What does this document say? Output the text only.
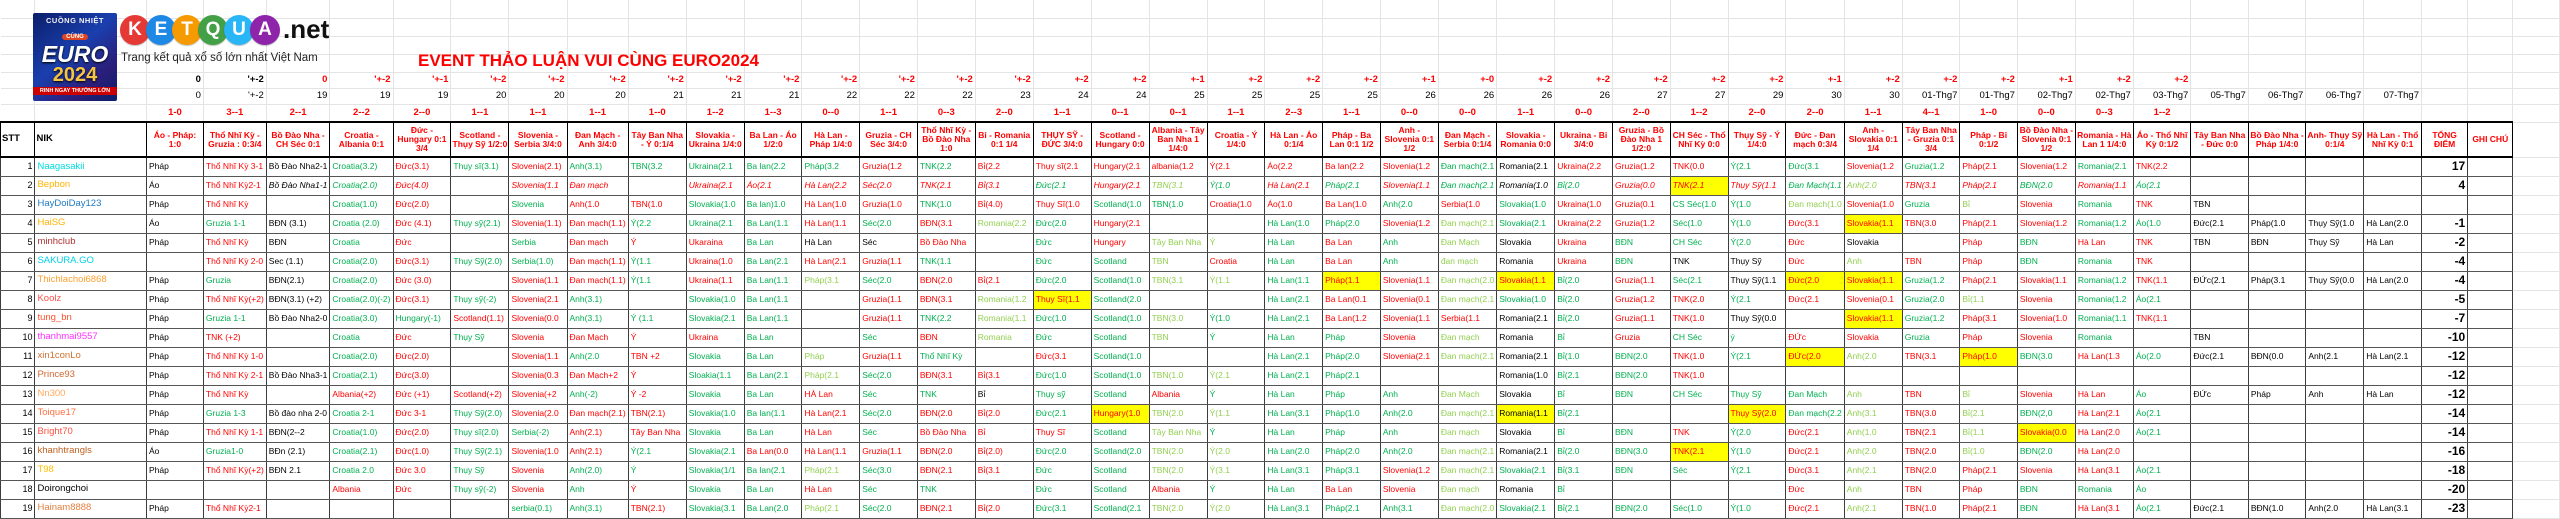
		0	'+-2	0	'+-2	'+-1	'+-2	'+-2	'+-2	'+-2	'+-2	'+-2	'+-2	'+-2	'+-2	'+-2	+-2	+-2	+-1	+-2	+-2	+-2	+-1	+-0	+-2	+-2	+-2	+-2	+-2	+-1	+-2	+-2	+-2	+-1	+-2	+-2							
		0	'+-2	19	19	19	20	20	20	21	21	21	22	22	22	23	24	24	25	25	25	25	26	26	26	26	27	27	29	30	30	01-Thg7	01-Thg7	02-Thg7	02-Thg7	03-Thg7	05-Thg7	06-Thg7	06-Thg7	07-Thg7			
		1-0	3--1	2--1	2--2	2--0	1--1	1--1	1--1	1--0	1--2	1--3	0--0	1--1	0--3	2--0	1--1	0--1	0--1	1--1	2--3	1--1	0--0	0--0	1--1	0--0	2--0	1--2	2--0	2--0	1--1	4--1	1--0	0--0	0--3	1--2							
STT	NIK	Áo - Pháp: 1:0	Thổ Nhĩ Kỳ - Gruzia : 0:3/4	Bồ Đào Nha - CH Séc 0:1	Croatia - Albania 0:1	Đức - Hungary 0:1 3/4	Scotland - Thụy Sỹ 1/2:0	Slovenia - Serbia 3/4:0	Đan Mạch - Anh 3/4:0	Tây Ban Nha - Ý 0:1/4	Slovakia - Ukraina 1/4:0	Ba Lan - Áo 1/2:0	Hà Lan - Pháp 1/4:0	Gruzia - CH Séc 3/4:0	Thổ Nhĩ Kỳ - Bồ Đào Nha 1:0	Bỉ - Romania 0:1 1/4	THỤY SỸ - ĐỨC 3/4:0	Scotland - Hungary 0:0	Albania - Tây Ban Nha 1 1/4:0	Croatia - Ý 1/4:0	Hà Lan - Áo 0:1/4	Pháp - Ba Lan 0:1 1/2	Anh - Slovenia 0:1 1/2	Đan Mạch - Serbia 0:1/4	Slovakia - Romania 0:0	Ukraina - Bỉ 3/4:0	Gruzia - Bồ Đào Nha 1 1/2:0	CH Séc - Thổ Nhĩ Kỳ 0:0	Thụy Sỹ - Ý 1/4:0	Đức - Đan mạch 0:3/4	Anh - Slovakia 0:1 1/4	Tây Ban Nha - Gruzia 0:1 3/4	Pháp - Bỉ 0:1/2	Bồ Đào Nha - Slovenia 0:1 1/2	Romania - Hà Lan 1 1/4:0	Áo - Thổ Nhĩ Kỳ 0:1/2	Tây Ban Nha - Đức 0:0	Bồ Đào Nha - Pháp 1/4:0	Anh- Thụy Sỹ 0:1/4	Hà Lan - Thổ Nhĩ Kỳ 0:1	TỔNG ĐIỂM	GHI CHÚ	
1	Naagasakii	Pháp	Thổ Nhĩ Kỳ 3-1	Bồ Đào Nha2-1	Croatia(3.2)	Đức(3.1)	Thụy sĩ(3.1)	Slovenia(2.1)	Anh(3.1)	TBN(3.2	Ukraina(2.1	Ba lan(2.2	Pháp(3.2	Gruzia(1.2	TNK(2.2	Bỉ(2.2	Thụy sĩ(2.1	Hungary(2.1	albania(1.2	Ý(2.1	Áo(2.2	Ba lan(2.2	Slovenia(1.2	Đan mạch(2.1	Romania(2.1	Ukraina(2.2	Gruzia(1.2	TNK(0.0	Ý(2.1	Đức(3.1	Slovenia(1.2	Gruzia(1.2	Pháp(2.1	Slovenia(1.2	Romania(2.1	TNK(2.2					17		
2	Bepbon	Áo	Thổ Nhĩ Kỳ2-1	Bồ Đào Nha1-1	Croatia(2.0)	Đức(4.0)		Slovenia(1.1	Đan mạch		Ukraina(2.1	Áo(2.1	Hà Lan(2.2	Séc(2.0	TNK(2.1	Bỉ(3.1	Đức(2.1	Hungary(2.1	TBN(3.1	Ý(1.0	Hà Lan(2.1	Pháp(2.1	Slovenia(1.1	Đan mạch(2.1	Romania(1.0	Bỉ(2.0	Gruzia(0.0	TNK(2.1	Thụy Sỹ(1.1	Đan Mạch(1.1	Anh(2.0	TBN(3.1	Pháp(2.1	BĐN(2.0	Romania(1.1	Áo(2.1					4		
3	HayDoiDay123	Pháp	Thổ Nhĩ Kỳ		Croatia(1.0)	Đức(2.0)		Slovenia	Anh(1.0	TBN(1.0	Slovakia(1.0	Ba lan)1.0	Hà Lan(1.0	Gruzia(1.0	TNK(1.0	Bỉ(4.0)	Thụy Sĩ(1.0	Scotland(1.0	TBN(1.0	Croatia(1.0	Áo(1.0	Ba Lan(1.0	Anh(2.0	Serbia(1.0	Slovakia(1.0	Ukraina(1.0	Gruzia(0.1	CS Séc(1.0	Ý(1.0	Đan mạch(1.0	Slovenia(1.0	Gruzia	Bỉ	Slovenia	Romania	TNK	TBN						
4	HaiSG	Áo	Gruzia 1-1	BĐN (3.1)	Croatia (2.0)	Đức (4.1)	Thụy sỹ(2.1)	Slovenia(1.1)	Đan mạch(1.1)	Ý(2.2	Ukraina(2.1	Ba Lan(1.1	Hà Lan(1.1	Séc(2.0	BĐN(3.1	Romania(2.2	Đức(2.0	Hungary(2.1			Hà Lan(1.0	Pháp(2.0	Slovenia(1.2	Đan mạch(2.1	Slovakia(2.1	Ukraina(2.2	Gruzia(1.2	Séc(1.0	Ý(1.0	Đức(3.1	Slovakia(1.1	TBN(3.0	Pháp(2.1	Slovenia(1.2	Romania(1.2	Áo(1.0	Đức(2.1	Pháp(1.0	Thụy Sỹ(1.0	Hà Lan(2.0	-1		
5	minhclub	Pháp	Thổ Nhĩ Kỳ	BĐN	Croatia	Đức		Serbia	Đan mạch	Ý	Ukaraina	Ba Lan	Hà Lan	Séc	Bồ Đào Nha		Đức	Hungary	Tây Ban Nha	Ý	Hà Lan	Ba Lan	Anh	Đan Mạch	Slovakia	Ukraina	BĐN	CH Séc	Ý(2.0	Đức	Slovakia		Pháp	BĐN	Hà Lan	TNK	TBN	BĐN	Thụy Sỹ	Hà Lan	-2		
6	SAKURA.GO		Thổ Nhĩ Kỳ 2-0	Sec (1.1)	Croatia(2.0)	Đức(3.1)	Thụy Sỹ(2.0)	Serbia(1.0)	Đan mạch(1.1)	Ý(1.1	Ukraina(1.0	Ba Lan(2.1	Hà Lan(2.1	Gruzia(1.1	TNK(1.1		Đức	Scotland	TBN	Croatia	Hà Lan	Ba Lan	Anh	đan mạch	Romania	Ukraina	BĐN	TNK	Thụy Sỹ	Đức	Anh	TBN	Pháp	BĐN	Romania	TNK					-4		
7	Thichlachoi6868	Pháp	Gruzia	BĐN(2.1)	Croatia(2.0)	Đức (3.0)		Slovenia(1.1	Đan mạch(1.1)	Ý(1.1	Ukraina(1.1	Ba Lan(1.1	Pháp(3.1	Séc(2.0	BĐN(2.0	Bỉ(2.1	Đức(2.0	Scotland(1.0	TBN(3.1	Ý(1.1	Hà Lan(1.1	Pháp(1.1	Slovenia(1.1	Đan mạch(2.0	Slovakia(1.1	Bỉ(2.0	Gruzia(1.1	Séc(2.1	Thụy Sỹ(1.1	Đức(2.0	Slovakia(1.1	Gruzia(1.2	Pháp(2.1	Slovakia(1.1	Romania(1.2	TNK(1.1	ĐỨc(2.1	Pháp(3.1	Thụy Sỹ(0.0	Hà Lan(2.0	-4		
8	Koolz	Pháp	Thổ Nhĩ Kỳ(+2)	BĐN(3.1) (+2)	Croatia(2.0)(-2)	Đức(3.1)	Thụy sỹ(-2)	Slovenia(2.1	Anh(3.1)		Slovakia(1.0	Ba Lan(1.1		Gruzia(1.1	BĐN(3.1	Romania(1.2	Thụy Sĩ(1.1	Scotland(2.0			Hà Lan(2.1	Ba Lan(0.1	Slovenia(0.1	Đan mạch(2.1	Slovakia(1.0	Bỉ(2.0	Gruzia(1.2	TNK(2.0	Ý(2.1	Đức(2.1	Slovenia(0.1	Gruzia(2.0	Bỉ(1.1	Slovenia	Romania(1.2	Áo(2.1					-5		
9	tung_bn	Pháp	Gruzia 1-1	Bồ Đào Nha2-0	Croatia(3.0)	Hungary(-1)	Scotland(1.1)	Slovenia(0.0	Anh(3.1)	Ý (1.1	Slovakia(2.1	Ba Lan(1.1		Gruzia(1.1	TNK(2.2	Romania(1.1	Đức(1.0	Scotland(1.0	TBN(3.0	Ý(1.0	Hà Lan(2.1	Ba Lan(1.2	Slovenia(1.1	Serbia(1.1	Romania(2.1	Bỉ(2.0	Gruzia(1.1	TNK(1.0	Thụy Sỹ(0.0		Slovakia(1.1	Gruzia(1.2	Pháp(3.1	Slovenia(1.0	Romania(1.1	TNK(1.1					-7		
10	thanhmai9557	Pháp	TNK (+2)		Croatia	Đức	Thụy Sỹ	Slovenia	Đan Mạch	Ý	Ukraina	Ba Lan		Séc	BĐN	Romania	Đức	Scotland	TBN	Ý	Hà Lan	Pháp	Slovenia	Đan mạch	Romania	Bỉ	Gruzia	CH Séc	ý	ĐỨc	Slovakia	Gruzia	Pháp	Slovenia	Romania		TBN				-10		
11	xin1conLo	Pháp	Thổ Nhĩ Kỳ 1-0		Croatia(2.0)	Đức(2.0)		Slovenia(1.1	Anh(2.0	TBN +2	Slovakia	Ba Lan	Pháp	Gruzia(1.1	Thổ Nhĩ Kỳ		Đức(3.1	Scotland(1.0			Hà Lan(2.1	Pháp(2.0	Slovenia(2.1	Đan mạch(2.1	Romania(2.1	Bỉ(1.0	BĐN(2.0	TNK(1.0	Ý(2.1	ĐỨc(2.0	Anh(2.0	TBN(3.1	Pháp(1.0	BĐN(3.0	Hà Lan(1.3	Áo(2.0	Đức(2.1	BĐN(0.0	Anh(2.1	Hà Lan(2.1	-12		
12	Prince93	Pháp	Thổ Nhĩ Kỳ 2-1	Bồ Đào Nha3-1	Croatia(2.1)	Đức(3.0)		Slovenia(0.3	Đan Mạch+2	Ý	Sloakia(1.1	Ba Lan(2.1	Pháp(2.1	Séc(2.0	BĐN(3.1	Bỉ(3.1	Đức(1.0	Scotland(1.0	TBN(1.0	Ý(2.1	Hà Lan(2.1	Pháp(2.1			Romania(1.0	Bỉ(2.1	BĐN(2.0	TNK(1.0													-12		
13	Nn300	Pháp	Thổ Nhĩ Kỳ		Albania(+2)	Đức (+1)	Scotland(+2)	Slovenia(+2	Anh(-2)	Ý -2	Slovakia	Ba Lan	HÀ Lan	Séc	TNK	Bỉ	Thụy sỹ	Scotland	Albania	Ý	Hà Lan	Pháp	Anh	Đan Mạch	Slovakia	Bỉ	BĐN	CH Séc	Thụy Sỹ	Đan Mạch	Anh	TBN	Bỉ	Slovenia	Hà Lan	Áo	ĐỨc	Pháp	Anh	Hà Lan	-12		
14	Toique17	Pháp	Gruzia 1-3	Bồ đào nha 2-0	Croatia 2-1	Đức 3-1	Thụy Sỹ(2.0)	Slovenia(2.0	Đan mạch(2.1)	TBN(2.1)	Slovakia(1.0	Ba lan(1.1	Hà Lan(2.1	Séc(2.0	BĐN(2.0	Bỉ(2.0	Đức(2.1	Hungary(1.0	TBN(2.0	Ý(1.1	Hà Lan(3.1	Pháp(1.0	Anh(2.0	Đan mạch(2.1	Romania(1.1	Bỉ(2.1			Thụy Sỹ(2.0	Đan mạch(2.2	Anh(3.1	TBN(3.0	Bỉ(2.1	BĐN(2,0	Hà Lan(2.1	Áo(2.1					-14		
15	Bright70	Pháp	Thổ Nhĩ Kỳ 1-1	BĐN(2--2	Croatia(1.0)	Đức(2.0)	Thụy sĩ(2.0)	Serbia(-2)	Anh(2.1)	Tây Ban Nha	Slovakia	Ba Lan	Hà Lan	Séc	Bồ Đào Nha	Bỉ	Thụy Sĩ	Scotland	Tây Ban Nha	Ý	Hà Lan	Pháp	Anh	Đan mạch	Slovakia	Bỉ	BĐN	TNK	Ý(2.0	Đức(2.1	Anh(1.0	TBN(2.1	Bỉ(1.1	Slovakia(0.0	Hà Lan(2.0	Áo(2.1					-14		
16	khanhtrangls	Áo	Gruzia1-0	BĐn (2.1)	Croatia(2.1)	Đức(1.0)	Thụy Sỹ(2.1)	Slovenia(1.0	Anh(2.1)	Ý(2.1	Slovakia(2.1	Ba Lan(0.0	Hà Lan(1.1	Gruzia(1.1	BĐN(2.0	Bỉ(2.0)	Đức(2.0	Scotland(2.0	TBN(2.0	Ý(2.0	Hà Lan(2.0	Pháp(2.0	Anh(2.0	Đan mạch(2.1	Romania(2.1	Bỉ(2.0	BĐN(3.0	TNK(2.1	Ý(1.0	Đức(2.1	Anh(2.0	TBN(2.0	Bỉ(1.0	BĐN(2.0	Hà Lan(2.0						-16		
17	T98	Pháp	Thổ Nhĩ Kỳ(+2)	BĐN 2.1	Croatia 2.0	Đức 3.0	Thụy Sỹ	Slovenia	Anh(2.0)	Ý	Slovakia(1/1	Ba lan(2.1	Pháp(2.1	Séc(3.0	BĐN(2.1	Bỉ(3.1	Đức	Scotland	TBN(2.0	Ý(3.1	Hà Lan(3.1	Pháp(3.1	Slovenia(1.2	Đan mạch(2.1	Slovakia(2.1	Bỉ(3.1	BĐN	Séc	Ý(2.1	Đức(3.1	Anh(2.1	TBN(2.0	Pháp(2.1	Slovenia	Hà Lan(3.1	Áo(2.1					-18		
18	Doirongchoi				Albania	Đức	Thụy sỹ(-2)	Slovenia	Anh	Ý	Slovakia	Ba Lan	Hà Lan	Séc	TNK		Đức	Scotland	Albania	Ý	Hà Lan	Ba Lan	Slovenia	Đan mạch	Romania	Bỉ				Đức	Anh	TBN	Pháp	BĐN	Romania	Áo					-20		
19	Hainam8888	Pháp	Thổ Nhĩ Kỳ2-1					serbia(0.1)	Anh(3.1)	TBN(2.1)	Slovakia(3.1	Ba Lan(2.0	Pháp(2.1	Séc(2.0	BĐN(2.1	Bỉ(2.0	Đức(3.1	Scotland(2.1	TBN(2.0	Ý(2.0	Hà Lan(3.1	Pháp(2.1	Anh(3.1	Đan mạch(2.0	Slovakia(2.1	Bỉ(2.1	BĐN(2.0	Séc(1.0	Ý(1.0	Đức(2.1	Anh(2.1	TBN(1.0	Pháp(2.1	BĐN	Hà Lan(3.1	Áo(2.1	Đức(2.1	BĐN(1.0	Anh(2.0	Hà Lan(3.1	-23		
CUỒNG NHIỆT
CÙNG
EURO
2024
RINH NGAY THƯỞNG LỚN
K E T Q U A .net
Trang kết quả xổ số lớn nhất Việt Nam	EVENT THẢO LUẬN VUI CÙNG EURO2024
